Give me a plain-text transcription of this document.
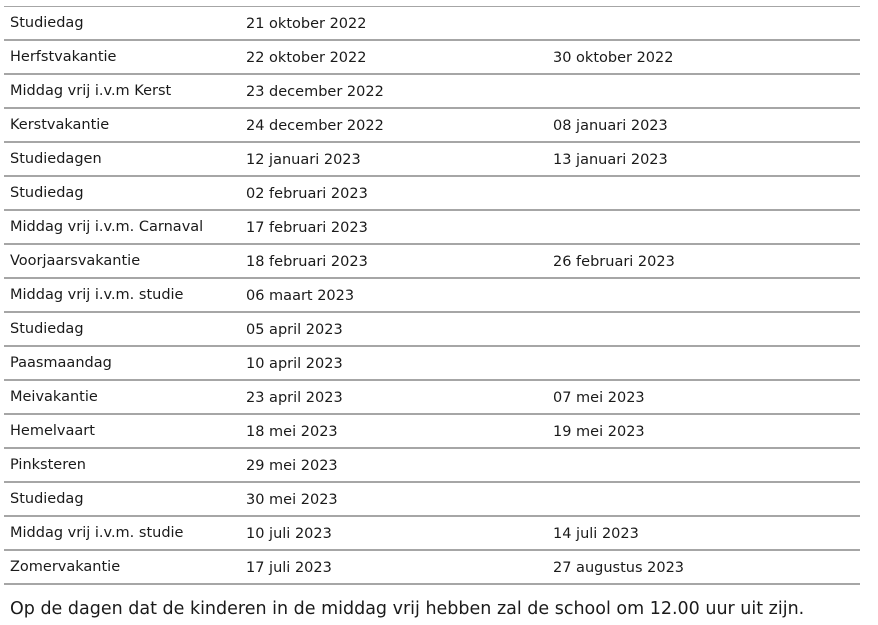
Studiedag	21 oktober 2022
Herfstvakantie	22 oktober 2022	30 oktober 2022
Middag vrij i.v.m Kerst	23 december 2022
Kerstvakantie	24 december 2022	08 januari 2023
Studiedagen	12 januari 2023	13 januari 2023
Studiedag	02 februari 2023
Middag vrij i.v.m. Carnaval	17 februari 2023
Voorjaarsvakantie	18 februari 2023	26 februari 2023
Middag vrij i.v.m. studie	06 maart 2023
Studiedag	05 april 2023
Paasmaandag	10 april 2023
Meivakantie	23 april 2023	07 mei 2023
Hemelvaart	18 mei 2023	19 mei 2023
Pinksteren	29 mei 2023
Studiedag	30 mei 2023
Middag vrij i.v.m. studie	10 juli 2023	14 juli 2023
Zomervakantie	17 juli 2023	27 augustus 2023

Op de dagen dat de kinderen in de middag vrij hebben zal de school om 12.00 uur uit zijn.
